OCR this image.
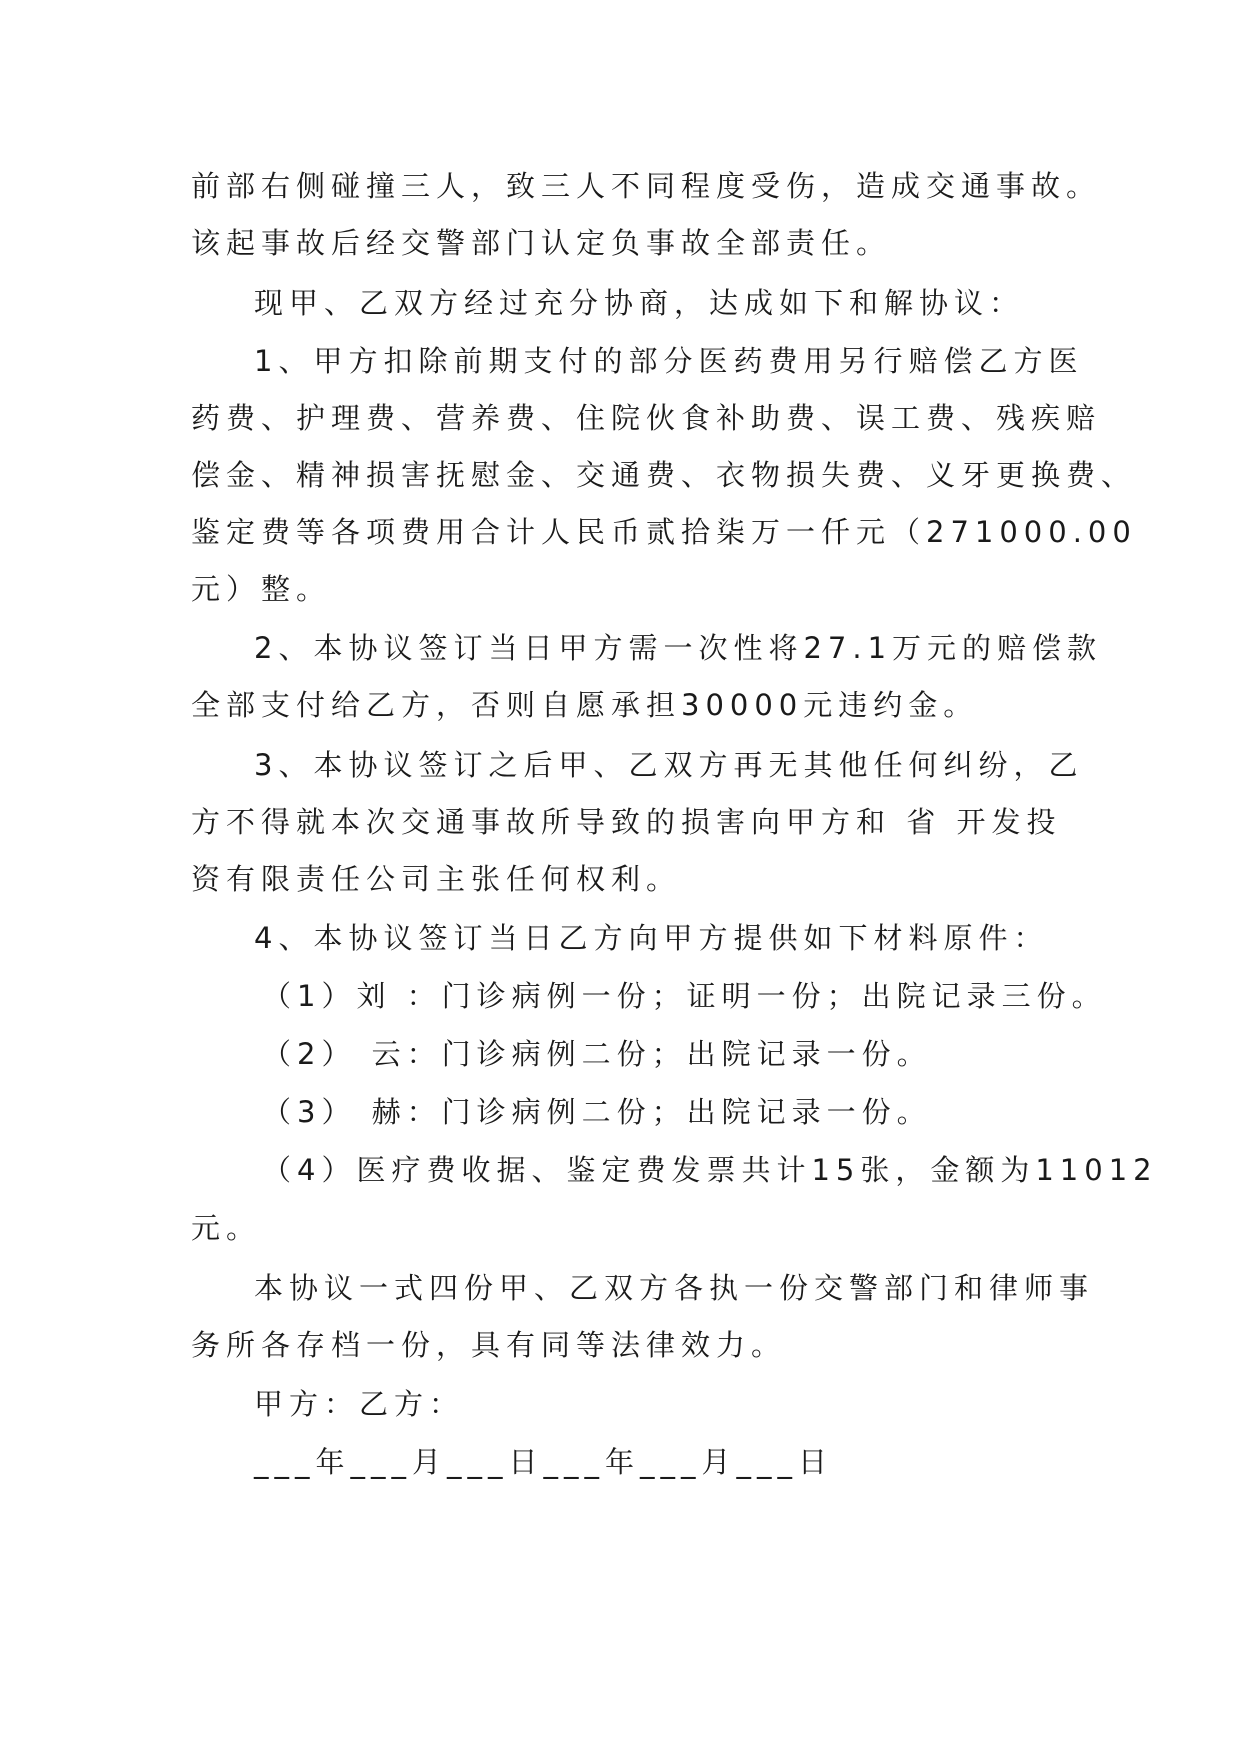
前部右侧碰撞三人，致三人不同程度受伤，造成交通事故。
该起事故后经交警部门认定负事故全部责任。
现甲、乙双方经过充分协商，达成如下和解协议：
1、甲方扣除前期支付的部分医药费用另行赔偿乙方医
药费、护理费、营养费、住院伙食补助费、误工费、残疾赔
偿金、精神损害抚慰金、交通费、衣物损失费、义牙更换费、
鉴定费等各项费用合计人民币贰拾柒万一仟元（271000.00
元）整。
2、本协议签订当日甲方需一次性将27.1万元的赔偿款
全部支付给乙方，否则自愿承担30000元违约金。
3、本协议签订之后甲、乙双方再无其他任何纠纷，乙
方不得就本次交通事故所导致的损害向甲方和 省 开发投
资有限责任公司主张任何权利。
4、本协议签订当日乙方向甲方提供如下材料原件：
（1）刘 ：门诊病例一份；证明一份；出院记录三份。
（2） 云：门诊病例二份；出院记录一份。
（3） 赫：门诊病例二份；出院记录一份。
（4）医疗费收据、鉴定费发票共计15张，金额为11012
元。
本协议一式四份甲、乙双方各执一份交警部门和律师事
务所各存档一份，具有同等法律效力。
甲方：乙方：
___年___月___日___年___月___日
